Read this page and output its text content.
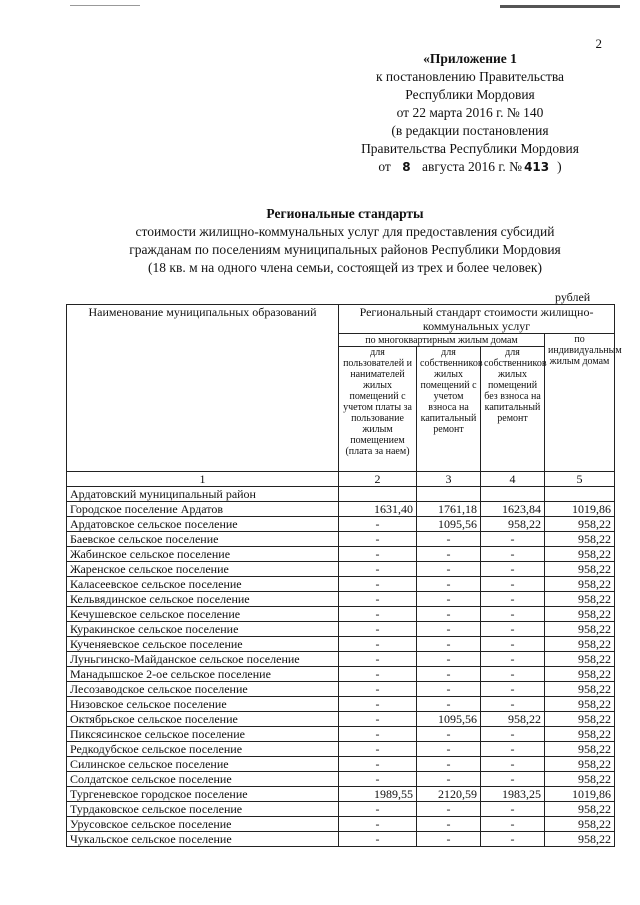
2
«Приложение 1
к постановлению Правительства
Республики Мордовия
от 22 марта 2016 г. № 140
(в редакции постановления
Правительства Республики Мордовия
от 8 августа 2016 г. № 413 )
Региональные стандарты
стоимости жилищно-коммунальных услуг для предоставления субсидий
гражданам по поселениям муниципальных районов Республики Мордовия
(18 кв. м на одного члена семьи, состоящей из трех и более человек)
рублей
Наименование муниципальных образований	Региональный стандарт стоимости жилищно-коммунальных услуг			
	по многоквартирным жилым домам			по индивидуальным жилым домам
	для пользователей и нанимателей жилых помещений с учетом платы за пользование жилым помещением (плата за наем)	для собственников жилых помещений с учетом взноса на капитальный ремонт	для собственников жилых помещений без взноса на капитальный ремонт	
1	2	3	4	5
Ардатовский муниципальный район				
Городское поселение Ардатов	1631,40	1761,18	1623,84	1019,86
Ардатовское сельское поселение	-	1095,56	958,22	958,22
Баевское сельское поселение	-	-	-	958,22
Жабинское сельское поселение	-	-	-	958,22
Жаренское сельское поселение	-	-	-	958,22
Каласеевское сельское поселение	-	-	-	958,22
Кельвядинское сельское поселение	-	-	-	958,22
Кечушевское сельское поселение	-	-	-	958,22
Куракинское сельское поселение	-	-	-	958,22
Кученяевское сельское поселение	-	-	-	958,22
Луньгинско-Майданское сельское поселение	-	-	-	958,22
Манадышское 2-ое сельское поселение	-	-	-	958,22
Лесозаводское сельское поселение	-	-	-	958,22
Низовское сельское поселение	-	-	-	958,22
Октябрьское сельское поселение	-	1095,56	958,22	958,22
Пиксясинское сельское поселение	-	-	-	958,22
Редкодубское сельское поселение	-	-	-	958,22
Силинское сельское поселение	-	-	-	958,22
Солдатское сельское поселение	-	-	-	958,22
Тургеневское городское поселение	1989,55	2120,59	1983,25	1019,86
Турдаковское сельское поселение	-	-	-	958,22
Урусовское сельское поселение	-	-	-	958,22
Чукальское сельское поселение	-	-	-	958,22
